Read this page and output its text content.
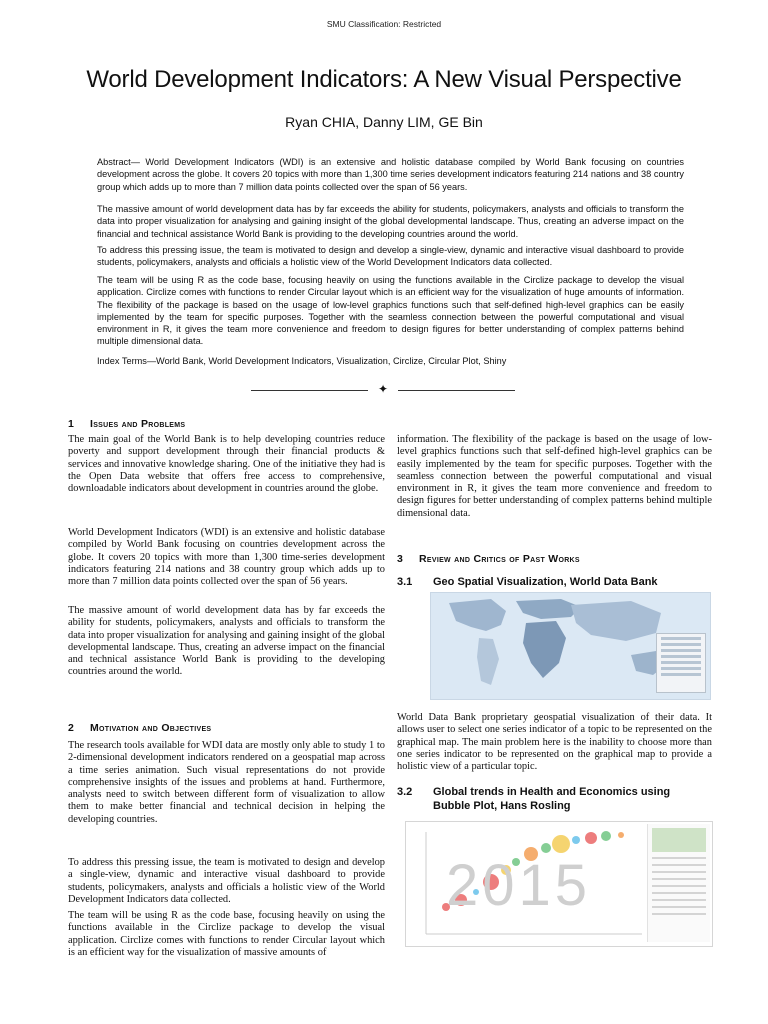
SMU Classification: Restricted
World Development Indicators: A New Visual Perspective
Ryan CHIA, Danny LIM, GE Bin

Abstract— World Development Indicators (WDI) is an extensive and holistic database compiled by World Bank focusing on countries development across the globe. It covers 20 topics with more than 1,300 time series development indicators featuring 214 nations and 38 country group which adds up to more than 7 million data points collected over the span of 56 years.

The massive amount of world development data has by far exceeds the ability for students, policymakers, analysts and officials to transform the data into proper visualization for analysing and gaining insight of the global developmental landscape. Thus, creating an adverse impact on the financial and technical assistance World Bank is providing to the developing countries around the world.

To address this pressing issue, the team is motivated to design and develop a single-view, dynamic and interactive visual dashboard to provide students, policymakers, analysts and officials a holistic view of the World Development Indicators data collected.

The team will be using R as the code base, focusing heavily on using the functions available in the Circlize package to develop the visual application. Circlize comes with functions to render Circular layout which is an efficient way for the visualization of huge amounts of information. The flexibility of the package is based on the usage of low-level graphics functions such that self-defined high-level graphics can be easily implemented by the team for specific purposes. Together with the seamless connection between the powerful computational and visual environment in R, it gives the team more convenience and freedom to design figures for better understanding of complex patterns behind multiple dimensional data.

Index Terms—World Bank, World Development Indicators, Visualization, Circlize, Circular Plot, Shiny

✦
1 Issues and Problems

The main goal of the World Bank is to help developing countries reduce poverty and support development through their financial products & services and innovative knowledge sharing. One of the initiative they had is the Open Data website that offers free access to comprehensive, downloadable indicators about development in countries around the globe.

World Development Indicators (WDI) is an extensive and holistic database compiled by World Bank focusing on countries development across the globe. It covers 20 topics with more than 1,300 time-series development indicators featuring 214 nations and 38 country group which adds up to more than 7 million data points collected over the span of 56 years.

The massive amount of world development data has by far exceeds the ability for students, policymakers, analysts and officials to transform the data into proper visualization for analysing and gaining insight of the global developmental landscape. Thus, creating an adverse impact on the financial and technical assistance World Bank is providing to the developing countries around the world.

2 Motivation and Objectives

The research tools available for WDI data are mostly only able to study 1 to 2-dimensional development indicators rendered on a geospatial map across a time series animation. Such visual representations do not provide comprehensive insights of the issues and problems at hand. Furthermore, analysts need to switch between different form of visualization to allow them to make better financial and technical decision in helping the developing countries.

To address this pressing issue, the team is motivated to design and develop a single-view, dynamic and interactive visual dashboard to provide students, policymakers, analysts and officials a holistic view of the World Development Indicators data collected.

The team will be using R as the code base, focusing heavily on using the functions available in the Circlize package to develop the visual application. Circlize comes with functions to render Circular layout which is an efficient way for the visualization of massive amounts of

information. The flexibility of the package is based on the usage of low-level graphics functions such that self-defined high-level graphics can be easily implemented by the team for specific purposes. Together with the seamless connection between the powerful computational and visual environment in R, it gives the team more convenience and freedom to design figures for better understanding of complex patterns behind multiple dimensional data.

3 Review and Critics of Past Works
3.1 Geo Spatial Visualization, World Data Bank

World Data Bank proprietary geospatial visualization of their data. It allows user to select one series indicator of a topic to be represented on the graphical map. The main problem here is the inability to choose more than one series indicator to be represented on the graphical map to provide a holistic view of a particular topic.

3.2 Global trends in Health and Economics using Bubble Plot, Hans Rosling
2015
